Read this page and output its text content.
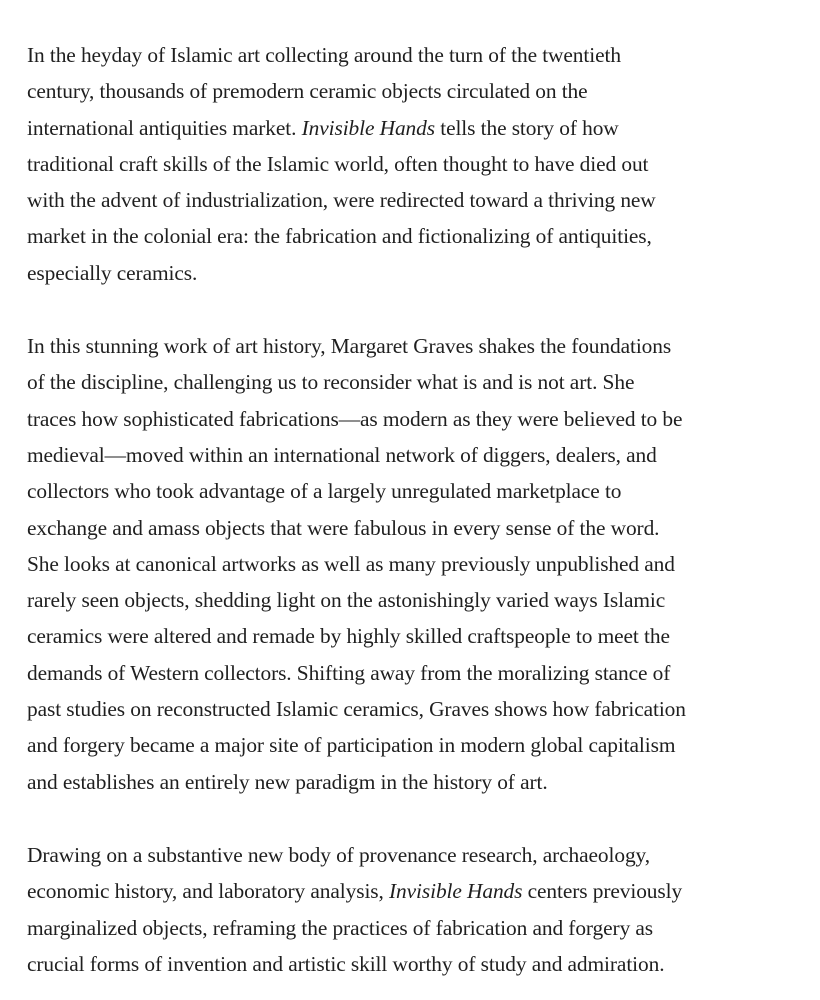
In the heyday of Islamic art collecting around the turn of the twentieth
century, thousands of premodern ceramic objects circulated on the
international antiquities market. Invisible Hands tells the story of how
traditional craft skills of the Islamic world, often thought to have died out
with the advent of industrialization, were redirected toward a thriving new
market in the colonial era: the fabrication and fictionalizing of antiquities,
especially ceramics.

In this stunning work of art history, Margaret Graves shakes the foundations
of the discipline, challenging us to reconsider what is and is not art. She
traces how sophisticated fabrications—as modern as they were believed to be
medieval—moved within an international network of diggers, dealers, and
collectors who took advantage of a largely unregulated marketplace to
exchange and amass objects that were fabulous in every sense of the word.
She looks at canonical artworks as well as many previously unpublished and
rarely seen objects, shedding light on the astonishingly varied ways Islamic
ceramics were altered and remade by highly skilled craftspeople to meet the
demands of Western collectors. Shifting away from the moralizing stance of
past studies on reconstructed Islamic ceramics, Graves shows how fabrication
and forgery became a major site of participation in modern global capitalism
and establishes an entirely new paradigm in the history of art.

Drawing on a substantive new body of provenance research, archaeology,
economic history, and laboratory analysis, Invisible Hands centers previously
marginalized objects, reframing the practices of fabrication and forgery as
crucial forms of invention and artistic skill worthy of study and admiration.
